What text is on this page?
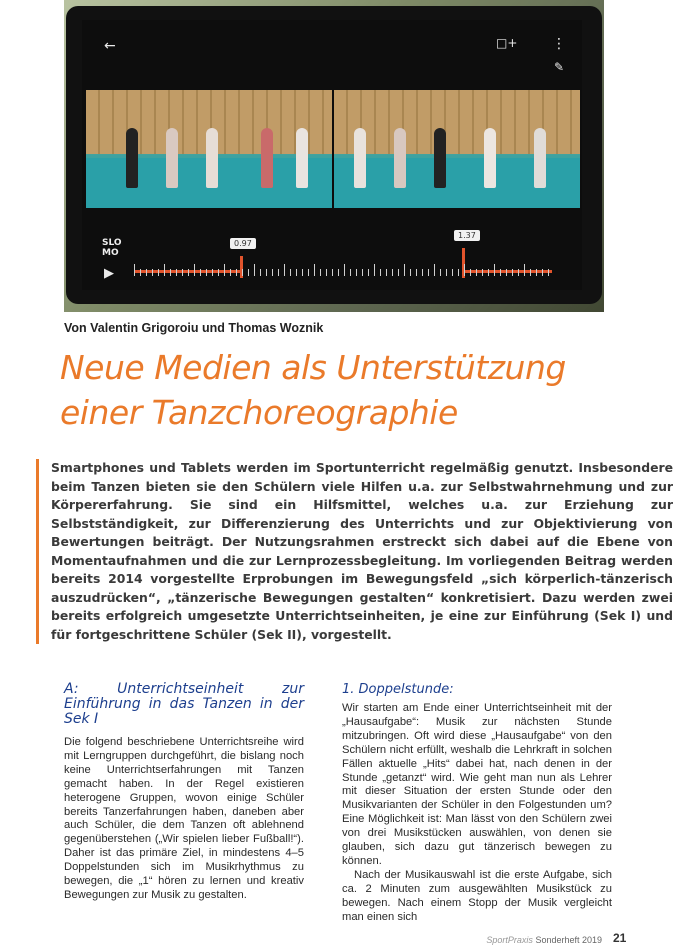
←	□+ ⋮
✎
SLO
MO
▶
0.97
1.37
Von Valentin Grigoroiu und Thomas Woznik
Neue Medien als Unterstützung
einer Tanzchoreographie
Smartphones und Tablets werden im Sportunterricht regelmäßig genutzt. Insbesondere beim Tanzen bieten sie den Schülern viele Hilfen u.a. zur Selbstwahrnehmung und zur Körpererfahrung. Sie sind ein Hilfsmittel, welches u.a. zur Erziehung zur Selbstständigkeit, zur Differenzierung des Unterrichts und zur Objektivierung von Bewertungen beiträgt. Der Nutzungsrahmen erstreckt sich dabei auf die Ebene von Momentaufnahmen und die zur Lernprozessbegleitung. Im vorliegenden Beitrag werden bereits 2014 vorgestellte Erprobungen im Bewegungsfeld „sich körperlich-tänzerisch auszudrücken“, „tänzerische Bewegungen gestalten“ konkretisiert. Dazu werden zwei bereits erfolgreich umgesetzte Unterrichtseinheiten, je eine zur Einführung (Sek I) und für fortgeschrittene Schüler (Sek II), vorgestellt.
A: Unterrichtseinheit zur Einführung in das Tanzen in der Sek I

Die folgend beschriebene Unterrichtsreihe wird mit Lerngruppen durchgeführt, die bislang noch keine Unterrichtserfahrungen mit Tanzen gemacht haben. In der Regel existieren heterogene Gruppen, wovon einige Schüler bereits Tanzerfahrungen haben, daneben aber auch Schüler, die dem Tanzen oft ablehnend gegenüberstehen („Wir spielen lieber Fußball!“). Daher ist das primäre Ziel, in mindestens 4–5 Doppelstunden sich im Musikrhythmus zu bewegen, die „1“ hören zu lernen und kreativ Bewegungen zur Musik zu gestalten.

1. Doppelstunde:

Wir starten am Ende einer Unterrichtseinheit mit der „Hausaufgabe“: Musik zur nächsten Stunde mitzubringen. Oft wird diese „Hausaufgabe“ von den Schülern nicht erfüllt, weshalb die Lehrkraft in solchen Fällen aktuelle „Hits“ dabei hat, nach denen in der Stunde „getanzt“ wird. Wie geht man nun als Lehrer mit dieser Situation der ersten Stunde oder den Musikvarianten der Schüler in den Folgestunden um? Eine Möglichkeit ist: Man lässt von den Schülern zwei von drei Musikstücken auswählen, von denen sie glauben, sich dazu gut tänzerisch bewegen zu können.

Nach der Musikauswahl ist die erste Aufgabe, sich ca. 2 Minuten zum ausgewählten Musikstück zu bewegen. Nach einem Stopp der Musik vergleicht man einen sich

SportPraxis Sonderheft 2019 21
